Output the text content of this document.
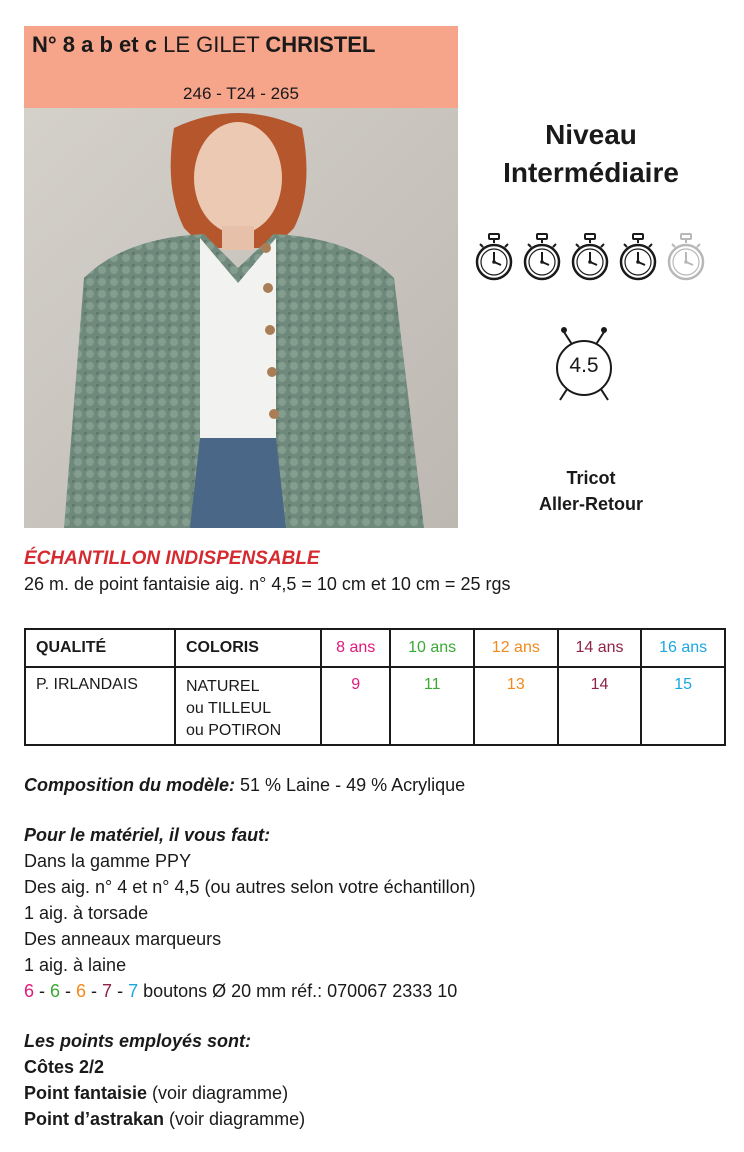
N° 8 a b et c LE GILET CHRISTEL
246 - T24 - 265
Niveau
Intermédiaire
4.5
Tricot
Aller-Retour
ÉCHANTILLON INDISPENSABLE
26 m. de point fantaisie aig. n° 4,5 = 10 cm et 10 cm = 25 rgs
QUALITÉ	COLORIS	8 ans	10 ans	12 ans	14 ans	16 ans
P. IRLANDAIS	NATUREL
ou TILLEUL
ou POTIRON	9	11	13	14	15
Composition du modèle: 51 % Laine - 49 % Acrylique
Pour le matériel, il vous faut:
Dans la gamme PPY
Des aig. n° 4 et n° 4,5 (ou autres selon votre échantillon)
1 aig. à torsade
Des anneaux marqueurs
1 aig. à laine
6 - 6 - 6 - 7 - 7 boutons Ø 20 mm réf.: 070067 2333 10
Les points employés sont:
Côtes 2/2
Point fantaisie (voir diagramme)
Point d’astrakan (voir diagramme)
